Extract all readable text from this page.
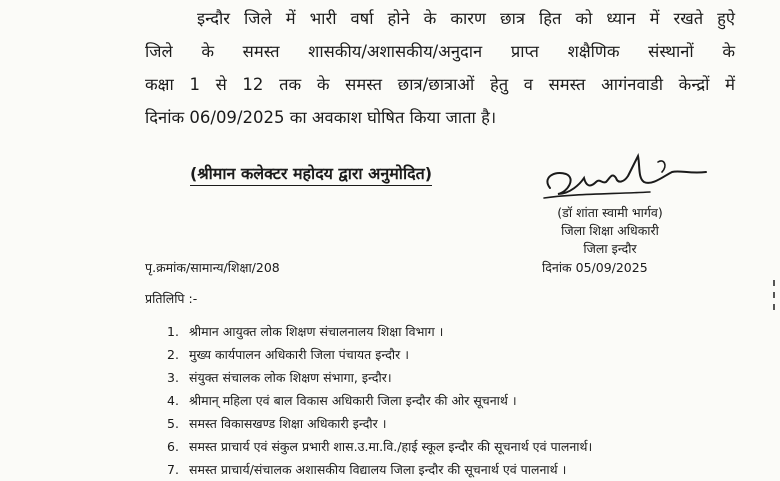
इन्दौर जिले में भारी वर्षा होने के कारण छात्र हित को ध्यान में रखते हुऐ
जिले के समस्त शासकीय/अशासकीय/अनुदान प्राप्त शक्षैणिक संस्थानों के
कक्षा 1 से 12 तक के समस्त छात्र/छात्राओं हेतु व समस्त आगंनवाडी केन्द्रों में
दिनांक 06/09/2025 का अवकाश घोषित किया जाता है।
(श्रीमान कलेक्टर महोदय द्वारा अनुमोदित)
(डॉ शांता स्वामी भार्गव)
जिला शिक्षा अधिकारी
जिला इन्दौर
पृ.क्रमांक/सामान्य/शिक्षा/208	दिनांक 05/09/2025
प्रतिलिपि :-
1. श्रीमान आयुक्त लोक शिक्षण संचालनालय शिक्षा विभाग ।
2. मुख्य कार्यपालन अधिकारी जिला पंचायत इन्दौर ।
3. संयुक्त संचालक लोक शिक्षण संभागा, इन्दौर।
4. श्रीमान् महिला एवं बाल विकास अधिकारी जिला इन्दौर की ओर सूचनार्थ ।
5. समस्त विकासखण्ड शिक्षा अधिकारी इन्दौर ।
6. समस्त प्राचार्य एवं संकुल प्रभारी शास.उ.मा.वि./हाई स्कूल इन्दौर की सूचनार्थ एवं पालनार्थ।
7. समस्त प्राचार्य/संचालक अशासकीय विद्यालय जिला इन्दौर की सूचनार्थ एवं पालनार्थ ।
